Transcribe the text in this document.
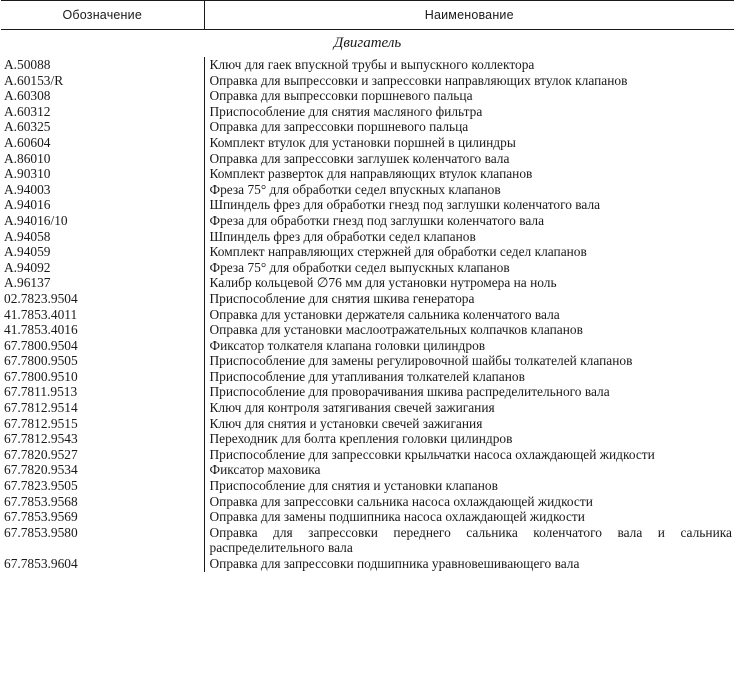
Обозначение	Наименование
Двигатель	
A.50088	Ключ для гаек впускной трубы и выпускного коллектора
A.60153/R	Оправка для выпрессовки и запрессовки направляющих втулок клапанов
A.60308	Оправка для выпрессовки поршневого пальца
A.60312	Приспособление для снятия масляного фильтра
A.60325	Оправка для запрессовки поршневого пальца
A.60604	Комплект втулок для установки поршней в цилиндры
A.86010	Оправка для запрессовки заглушек коленчатого вала
A.90310	Комплект разверток для направляющих втулок клапанов
A.94003	Фреза 75° для обработки седел впускных клапанов
A.94016	Шпиндель фрез для обработки гнезд под заглушки коленчатого вала
A.94016/10	Фреза для обработки гнезд под заглушки коленчатого вала
A.94058	Шпиндель фрез для обработки седел клапанов
A.94059	Комплект направляющих стержней для обработки седел клапанов
A.94092	Фреза 75° для обработки седел выпускных клапанов
A.96137	Калибр кольцевой ∅76 мм для установки нутромера на ноль
02.7823.9504	Приспособление для снятия шкива генератора
41.7853.4011	Оправка для установки держателя сальника коленчатого вала
41.7853.4016	Оправка для установки маслоотражательных колпачков клапанов
67.7800.9504	Фиксатор толкателя клапана головки цилиндров
67.7800.9505	Приспособление для замены регулировочной шайбы толкателей клапанов
67.7800.9510	Приспособление для утапливания толкателей клапанов
67.7811.9513	Приспособление для проворачивания шкива распределительного вала
67.7812.9514	Ключ для контроля затягивания свечей зажигания
67.7812.9515	Ключ для снятия и установки свечей зажигания
67.7812.9543	Переходник для болта крепления головки цилиндров
67.7820.9527	Приспособление для запрессовки крыльчатки насоса охлаждающей жидкости
67.7820.9534	Фиксатор маховика
67.7823.9505	Приспособление для снятия и установки клапанов
67.7853.9568	Оправка для запрессовки сальника насоса охлаждающей жидкости
67.7853.9569	Оправка для замены подшипника насоса охлаждающей жидкости
67.7853.9580	Оправка для запрессовки переднего сальника коленчатого вала и сальника распределительного вала
67.7853.9604	Оправка для запрессовки подшипника уравновешивающего вала
